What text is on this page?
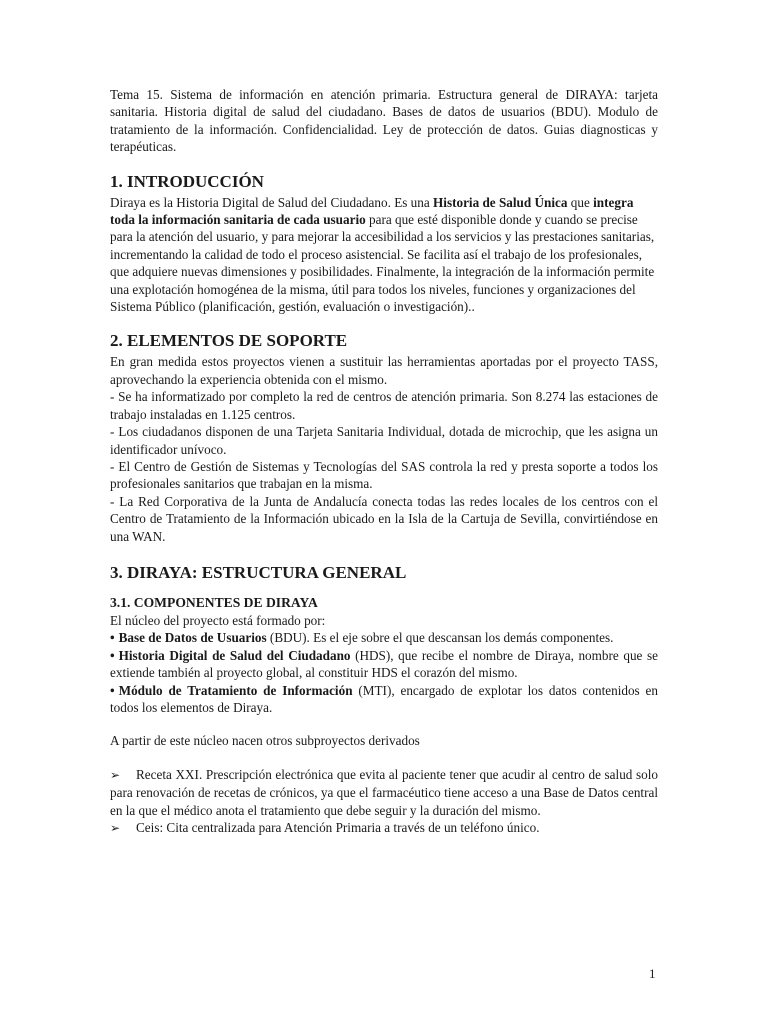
Tema 15. Sistema de información en atención primaria. Estructura general de DIRAYA: tarjeta sanitaria. Historia digital de salud del ciudadano. Bases de datos de usuarios (BDU). Modulo de tratamiento de la información. Confidencialidad. Ley de protección de datos. Guias diagnosticas y terapéuticas.

1. INTRODUCCIÓN

Diraya es la Historia Digital de Salud del Ciudadano. Es una Historia de Salud Única que integra toda la información sanitaria de cada usuario para que esté disponible donde y cuando se precise para la atención del usuario, y para mejorar la accesibilidad a los servicios y las prestaciones sanitarias, incrementando la calidad de todo el proceso asistencial. Se facilita así el trabajo de los profesionales, que adquiere nuevas dimensiones y posibilidades. Finalmente, la integración de la información permite una explotación homogénea de la misma, útil para todos los niveles, funciones y organizaciones del Sistema Público (planificación, gestión, evaluación o investigación)..

2. ELEMENTOS DE SOPORTE

En gran medida estos proyectos vienen a sustituir las herramientas aportadas por el proyecto TASS, aprovechando la experiencia obtenida con el mismo.

- Se ha informatizado por completo la red de centros de atención primaria. Son 8.274 las estaciones de trabajo instaladas en 1.125 centros.

- Los ciudadanos disponen de una Tarjeta Sanitaria Individual, dotada de microchip, que les asigna un identificador unívoco.

- El Centro de Gestión de Sistemas y Tecnologías del SAS controla la red y presta soporte a todos los profesionales sanitarios que trabajan en la misma.

- La Red Corporativa de la Junta de Andalucía conecta todas las redes locales de los centros con el Centro de Tratamiento de la Información ubicado en la Isla de la Cartuja de Sevilla, convirtiéndose en una WAN.

3. DIRAYA: ESTRUCTURA GENERAL
3.1. COMPONENTES DE DIRAYA

El núcleo del proyecto está formado por:

• Base de Datos de Usuarios (BDU). Es el eje sobre el que descansan los demás componentes.

• Historia Digital de Salud del Ciudadano (HDS), que recibe el nombre de Diraya, nombre que se extiende también al proyecto global, al constituir HDS el corazón del mismo.

• Módulo de Tratamiento de Información (MTI), encargado de explotar los datos contenidos en todos los elementos de Diraya.

A partir de este núcleo nacen otros subproyectos derivados

➢ Receta XXI. Prescripción electrónica que evita al paciente tener que acudir al centro de salud solo para renovación de recetas de crónicos, ya que el farmacéutico tiene acceso a una Base de Datos central en la que el médico anota el tratamiento que debe seguir y la duración del mismo.

➢ Ceis: Cita centralizada para Atención Primaria a través de un teléfono único.

1
